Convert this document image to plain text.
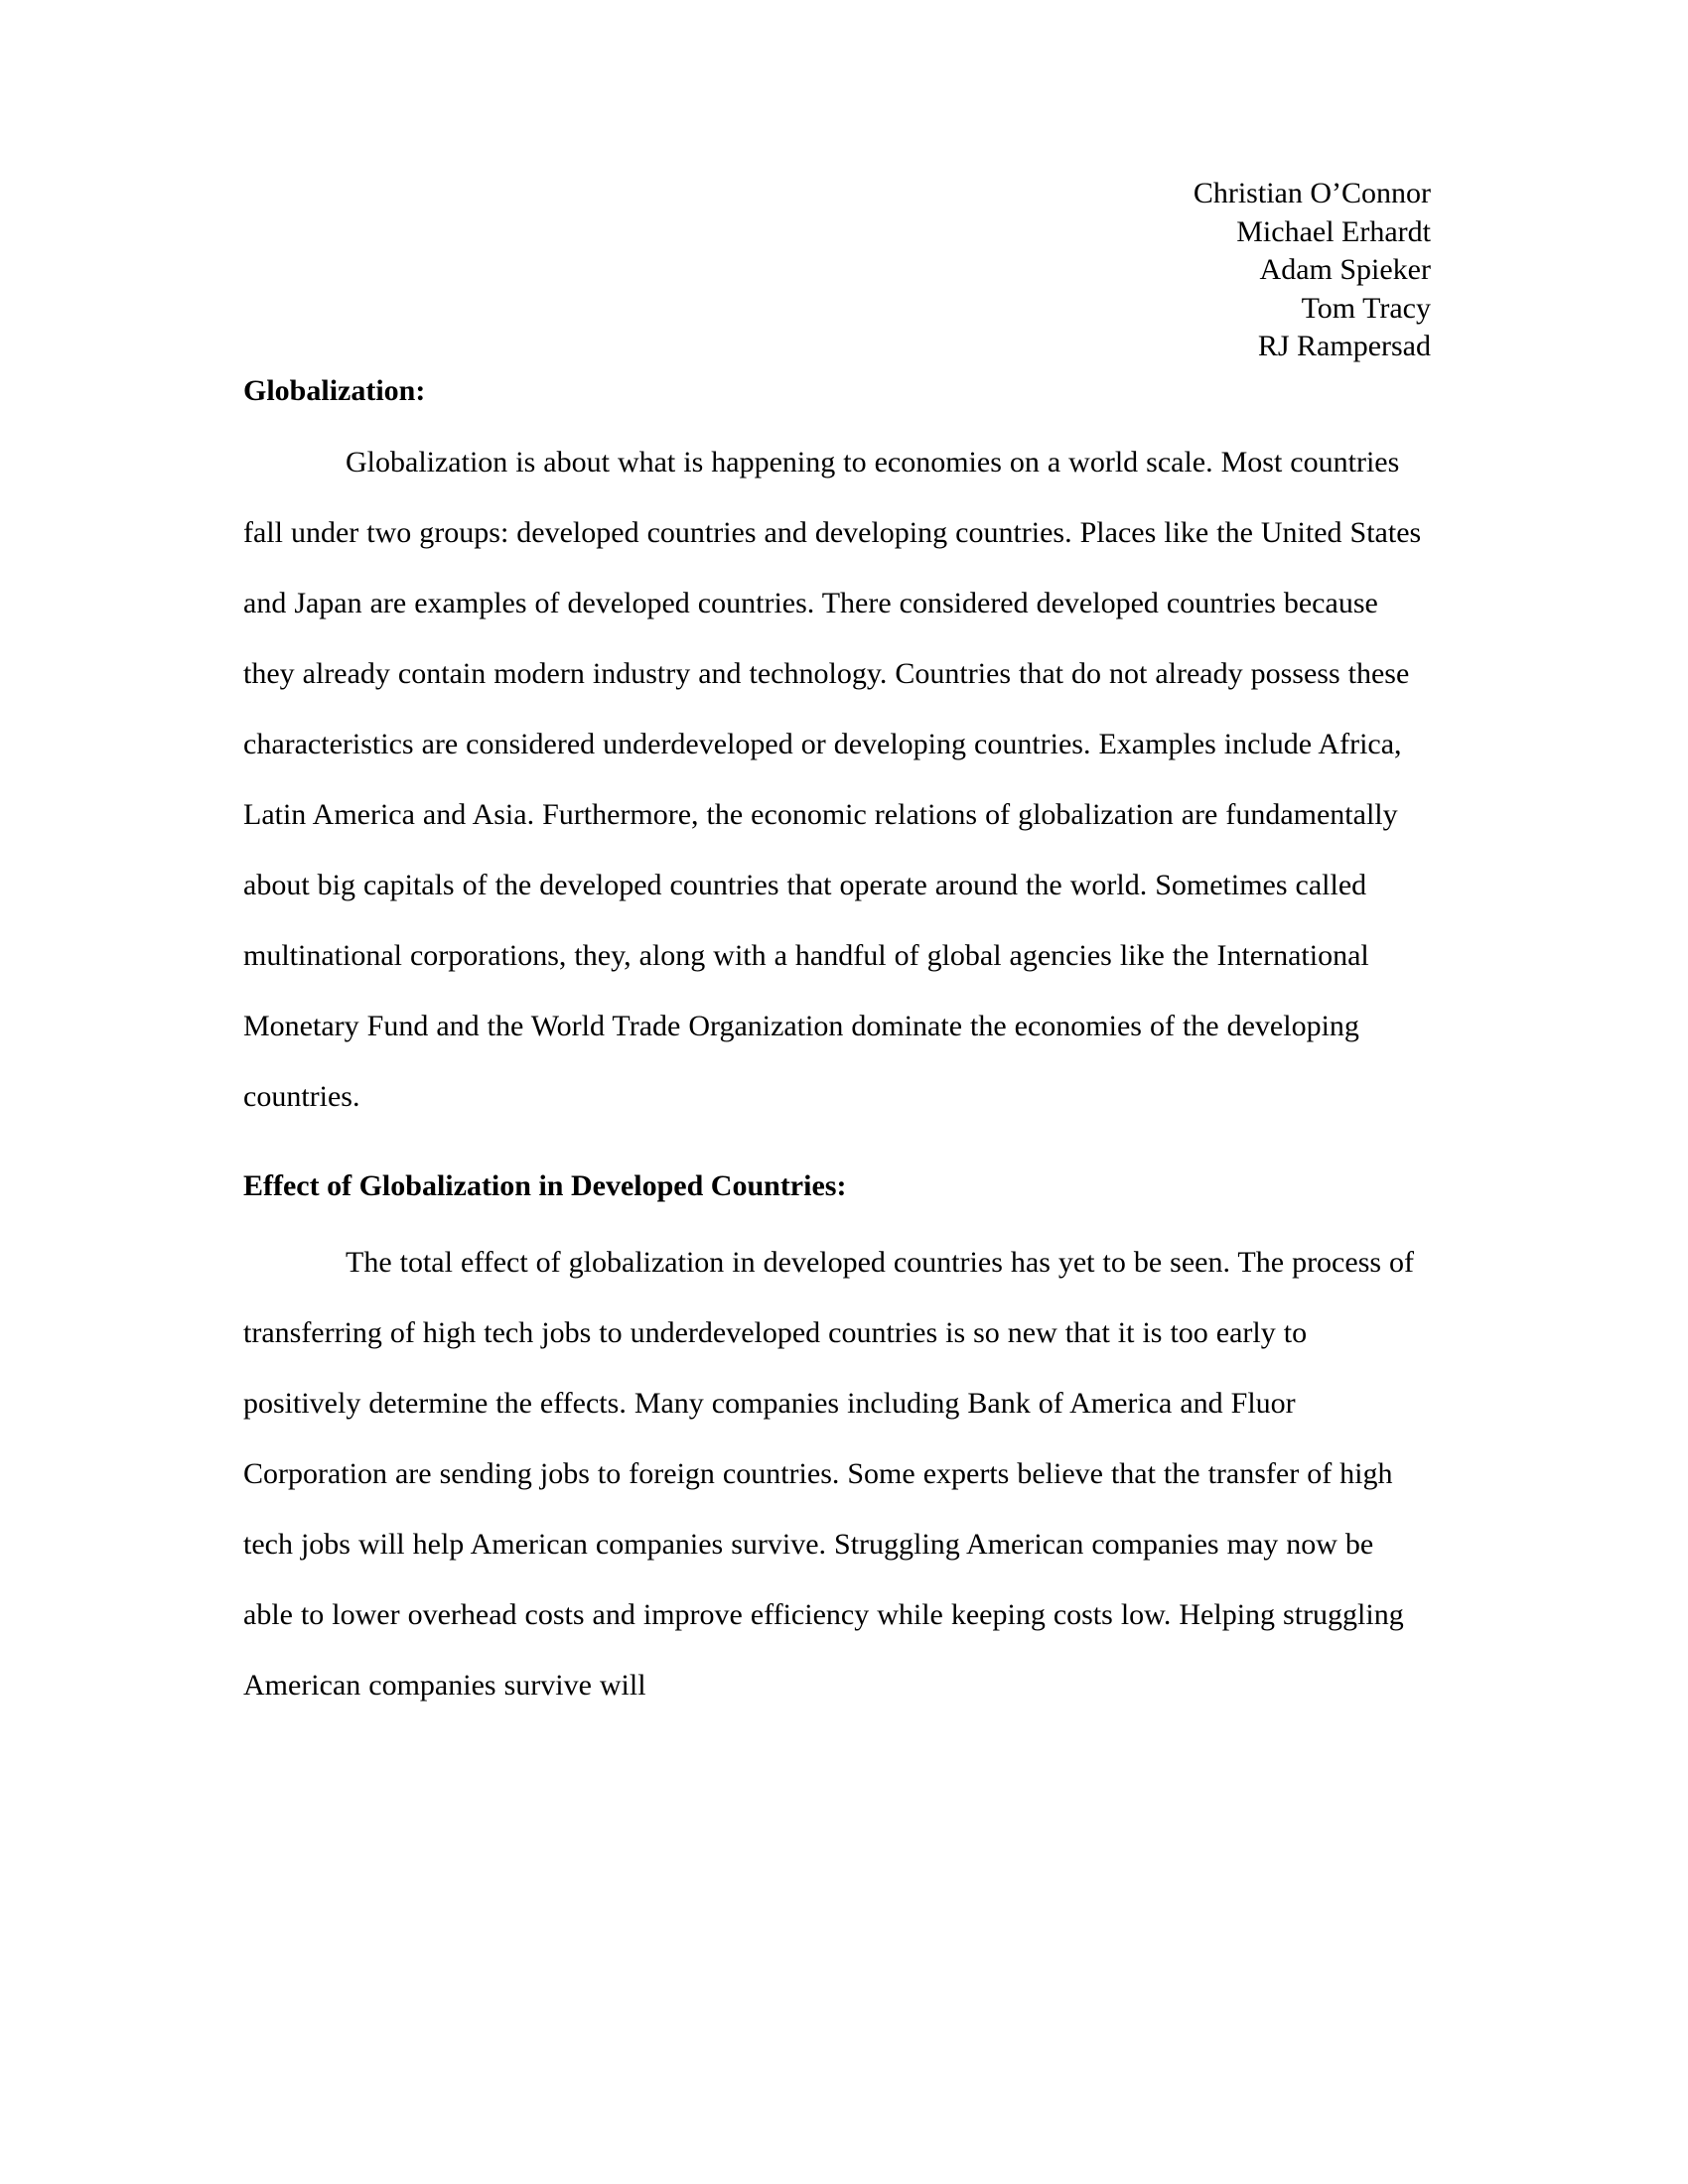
Christian O’Connor
Michael Erhardt
Adam Spieker
Tom Tracy
RJ Rampersad
Globalization:

Globalization is about what is happening to economies on a world scale. Most countries fall under two groups: developed countries and developing countries. Places like the United States and Japan are examples of developed countries. There considered developed countries because they already contain modern industry and technology. Countries that do not already possess these characteristics are considered underdeveloped or developing countries. Examples include Africa, Latin America and Asia. Furthermore, the economic relations of globalization are fundamentally about big capitals of the developed countries that operate around the world. Sometimes called multinational corporations, they, along with a handful of global agencies like the International Monetary Fund and the World Trade Organization dominate the economies of the developing countries.

Effect of Globalization in Developed Countries:

The total effect of globalization in developed countries has yet to be seen. The process of transferring of high tech jobs to underdeveloped countries is so new that it is too early to positively determine the effects. Many companies including Bank of America and Fluor Corporation are sending jobs to foreign countries. Some experts believe that the transfer of high tech jobs will help American companies survive. Struggling American companies may now be able to lower overhead costs and improve efficiency while keeping costs low. Helping struggling American companies survive will
